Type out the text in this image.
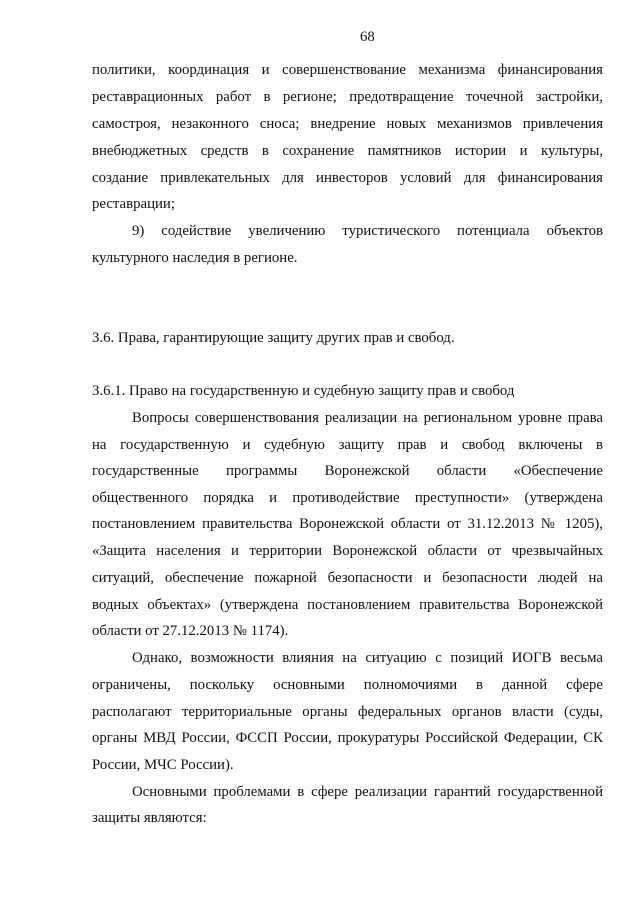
68
политики, координация и совершенствование механизма финансирования
реставрационных работ в регионе; предотвращение точечной застройки,
самостроя, незаконного сноса; внедрение новых механизмов привлечения
внебюджетных средств в сохранение памятников истории и культуры,
создание привлекательных для инвесторов условий для финансирования
реставрации;
9) содействие увеличению туристического потенциала объектов
культурного наследия в регионе.
3.6. Права, гарантирующие защиту других прав и свобод.
3.6.1. Право на государственную и судебную защиту прав и свобод
Вопросы совершенствования реализации на региональном уровне права
на государственную и судебную защиту прав и свобод включены в
государственные программы Воронежской области «Обеспечение
общественного порядка и противодействие преступности» (утверждена
постановлением правительства Воронежской области от 31.12.2013 № 1205),
«Защита населения и территории Воронежской области от чрезвычайных
ситуаций, обеспечение пожарной безопасности и безопасности людей на
водных объектах» (утверждена постановлением правительства Воронежской
области от 27.12.2013 № 1174).
Однако, возможности влияния на ситуацию с позиций ИОГВ весьма
ограничены, поскольку основными полномочиями в данной сфере
располагают территориальные органы федеральных органов власти (суды,
органы МВД России, ФССП России, прокуратуры Российской Федерации, СК
России, МЧС России).
Основными проблемами в сфере реализации гарантий государственной
защиты являются:
